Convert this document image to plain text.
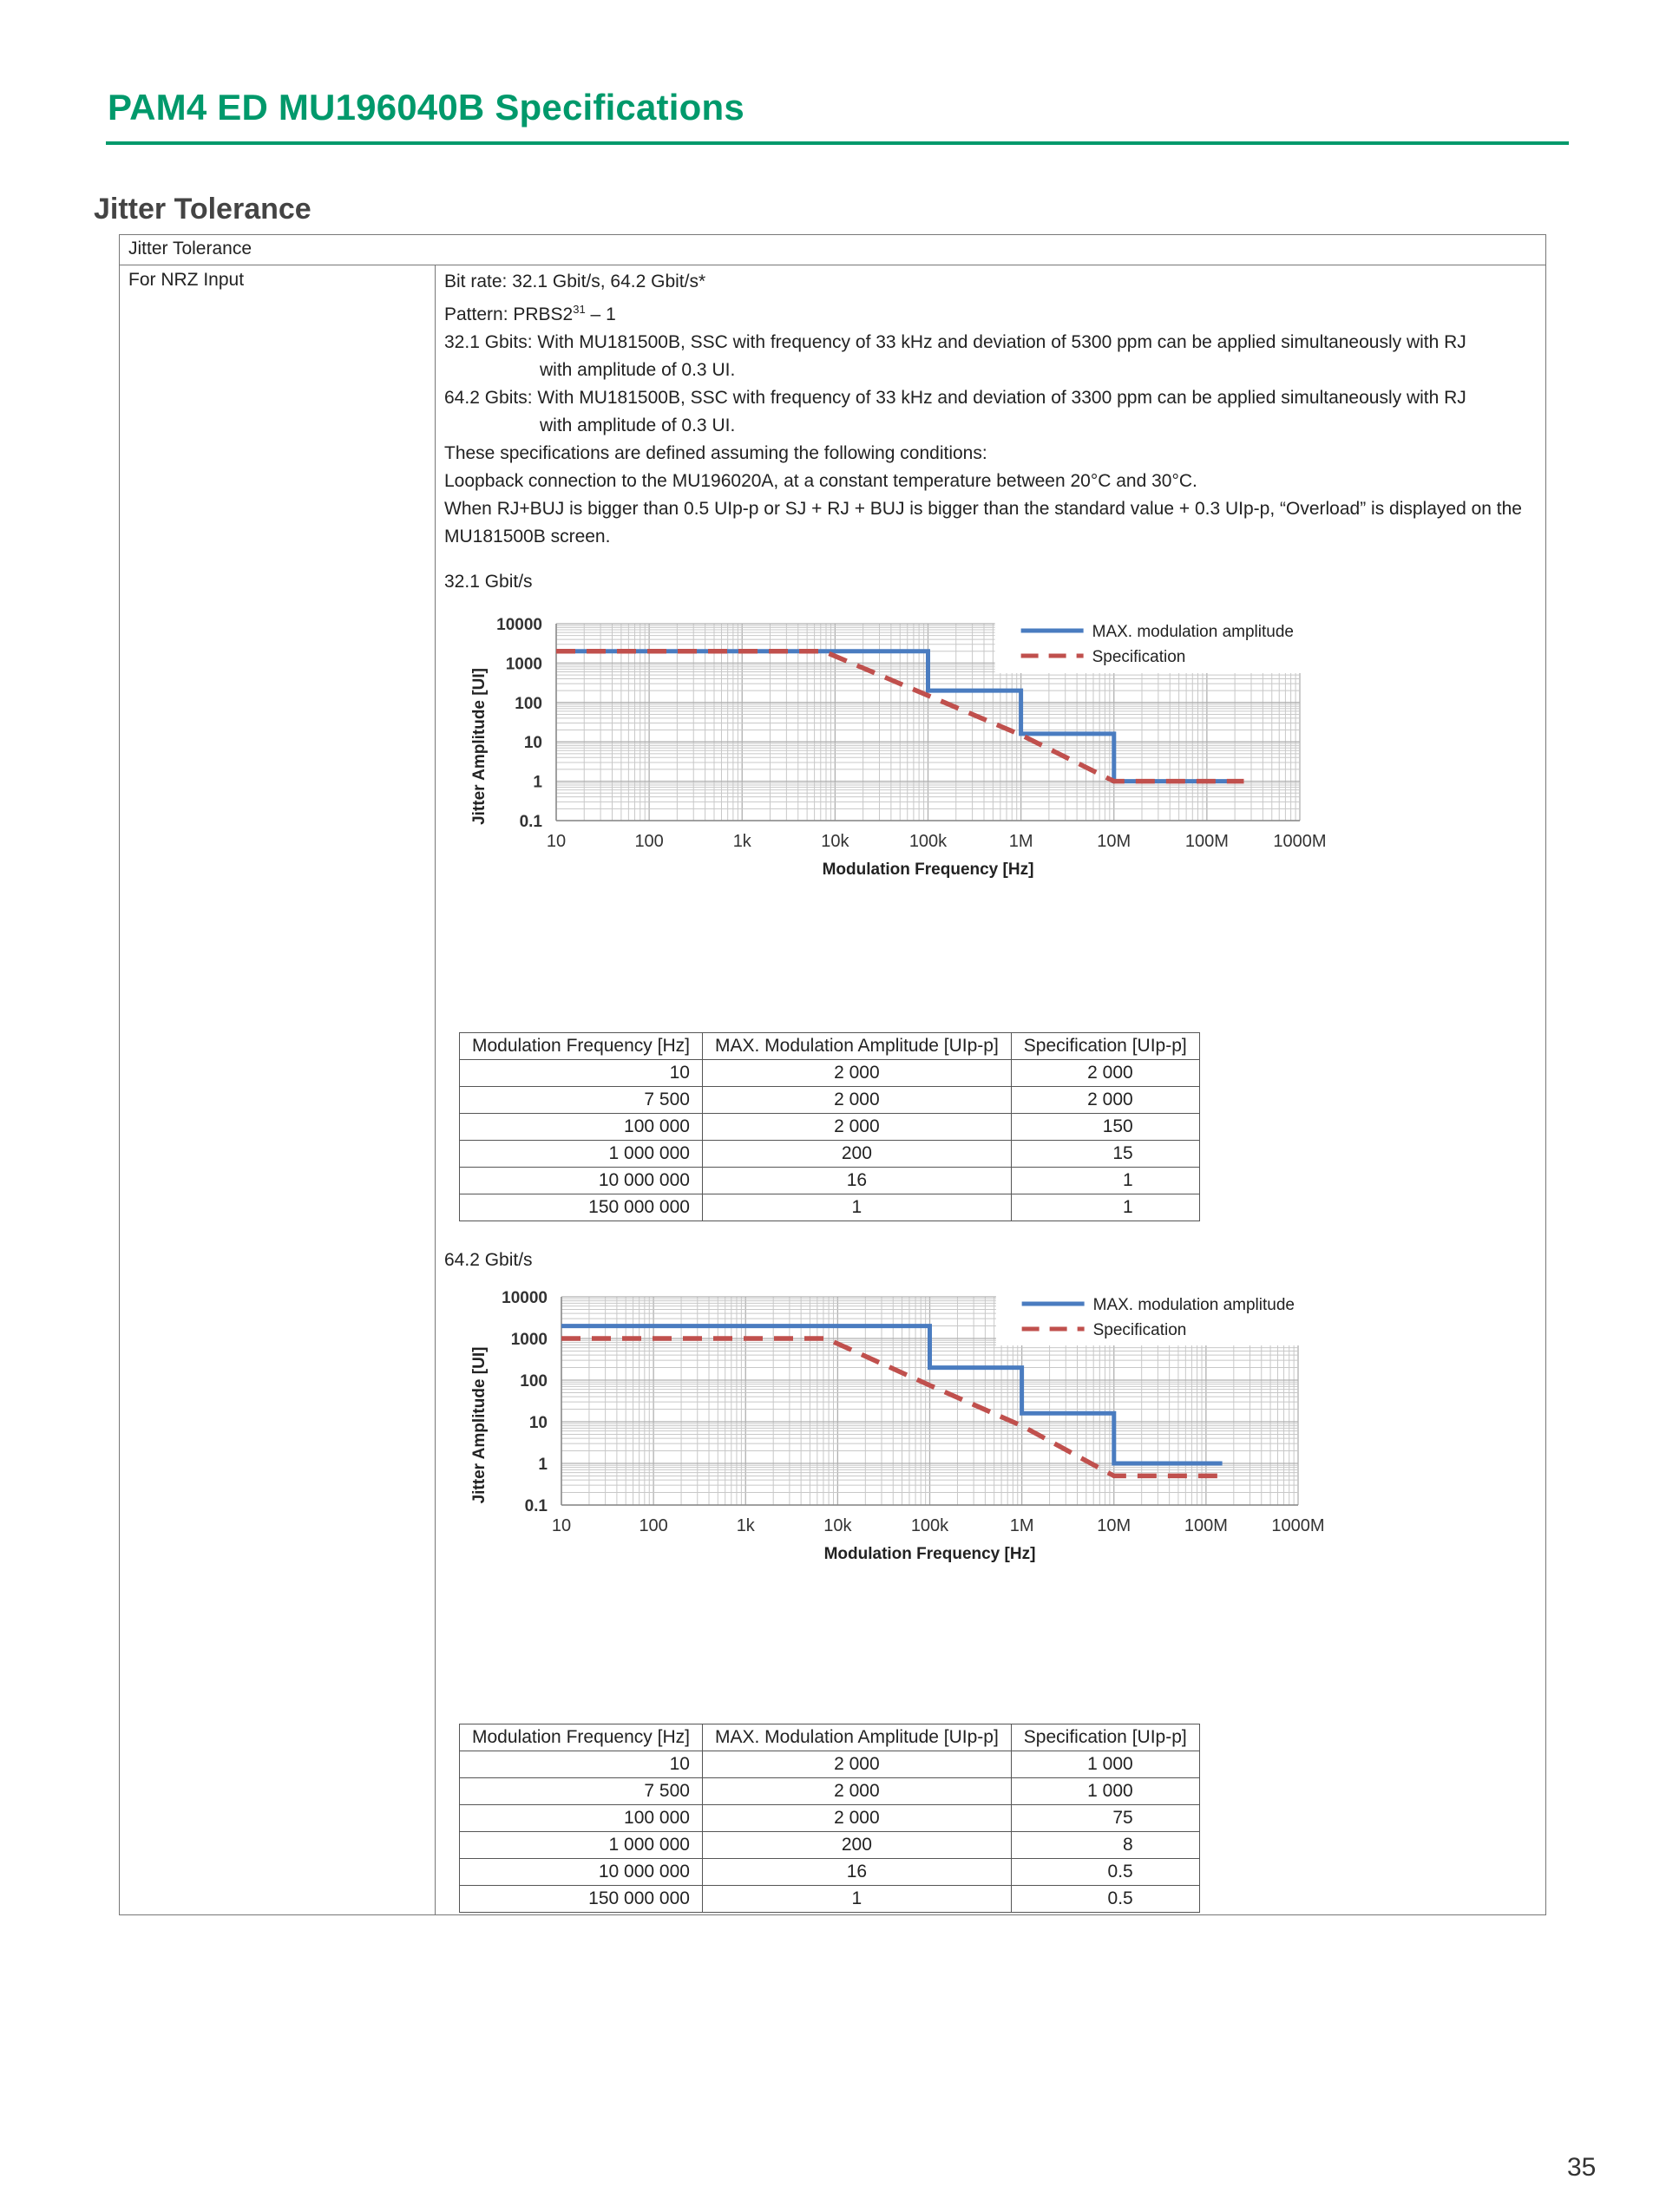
PAM4 ED MU196040B Specifications
Jitter Tolerance
Jitter Tolerance
For NRZ Input	Bit rate: 32.1 Gbit/s, 64.2 Gbit/s*

Pattern: $PRBS2^{31} - 1$

32.1 Gbits: With MU181500B, SSC with frequency of 33 kHz and deviation of 5300 ppm can be applied simultaneously with RJ

with amplitude of 0.3 UI.

64.2 Gbits: With MU181500B, SSC with frequency of 33 kHz and deviation of 3300 ppm can be applied simultaneously with RJ

with amplitude of 0.3 UI.

These specifications are defined assuming the following conditions:

Loopback connection to the MU196020A, at a constant temperature between 20°C and 30°C.

When RJ+BUJ is bigger than 0.5 UIp-p or SJ + RJ + BUJ is bigger than the standard value + 0.3 UIp-p, “Overload” is displayed on the MU181500B screen.

32.1 Gbit/s
10	100	1k	10k	100k	1M	10M	100M	1000M
10000
1000
100
10
1
0.1
Modulation Frequency [Hz]
Jitter Amplitude [UI]
MAX. modulation amplitude
Specification
Modulation Frequency [Hz]	MAX. Modulation Amplitude [UIp-p]	Specification [UIp-p]
10	2 000	2 000
7 500	2 000	2 000
100 000	2 000	150
1 000 000	200	15
10 000 000	16	1
150 000 000	1	1
64.2 Gbit/s
10	100	1k	10k	100k	1M	10M	100M	1000M
10000
1000
100
10
1
0.1
Modulation Frequency [Hz]
Jitter Amplitude [UI]
MAX. modulation amplitude
Specification
Modulation Frequency [Hz]	MAX. Modulation Amplitude [UIp-p]	Specification [UIp-p]
10	2 000	1 000
7 500	2 000	1 000
100 000	2 000	75
1 000 000	200	8
10 000 000	16	0.5
150 000 000	1	0.5
35
